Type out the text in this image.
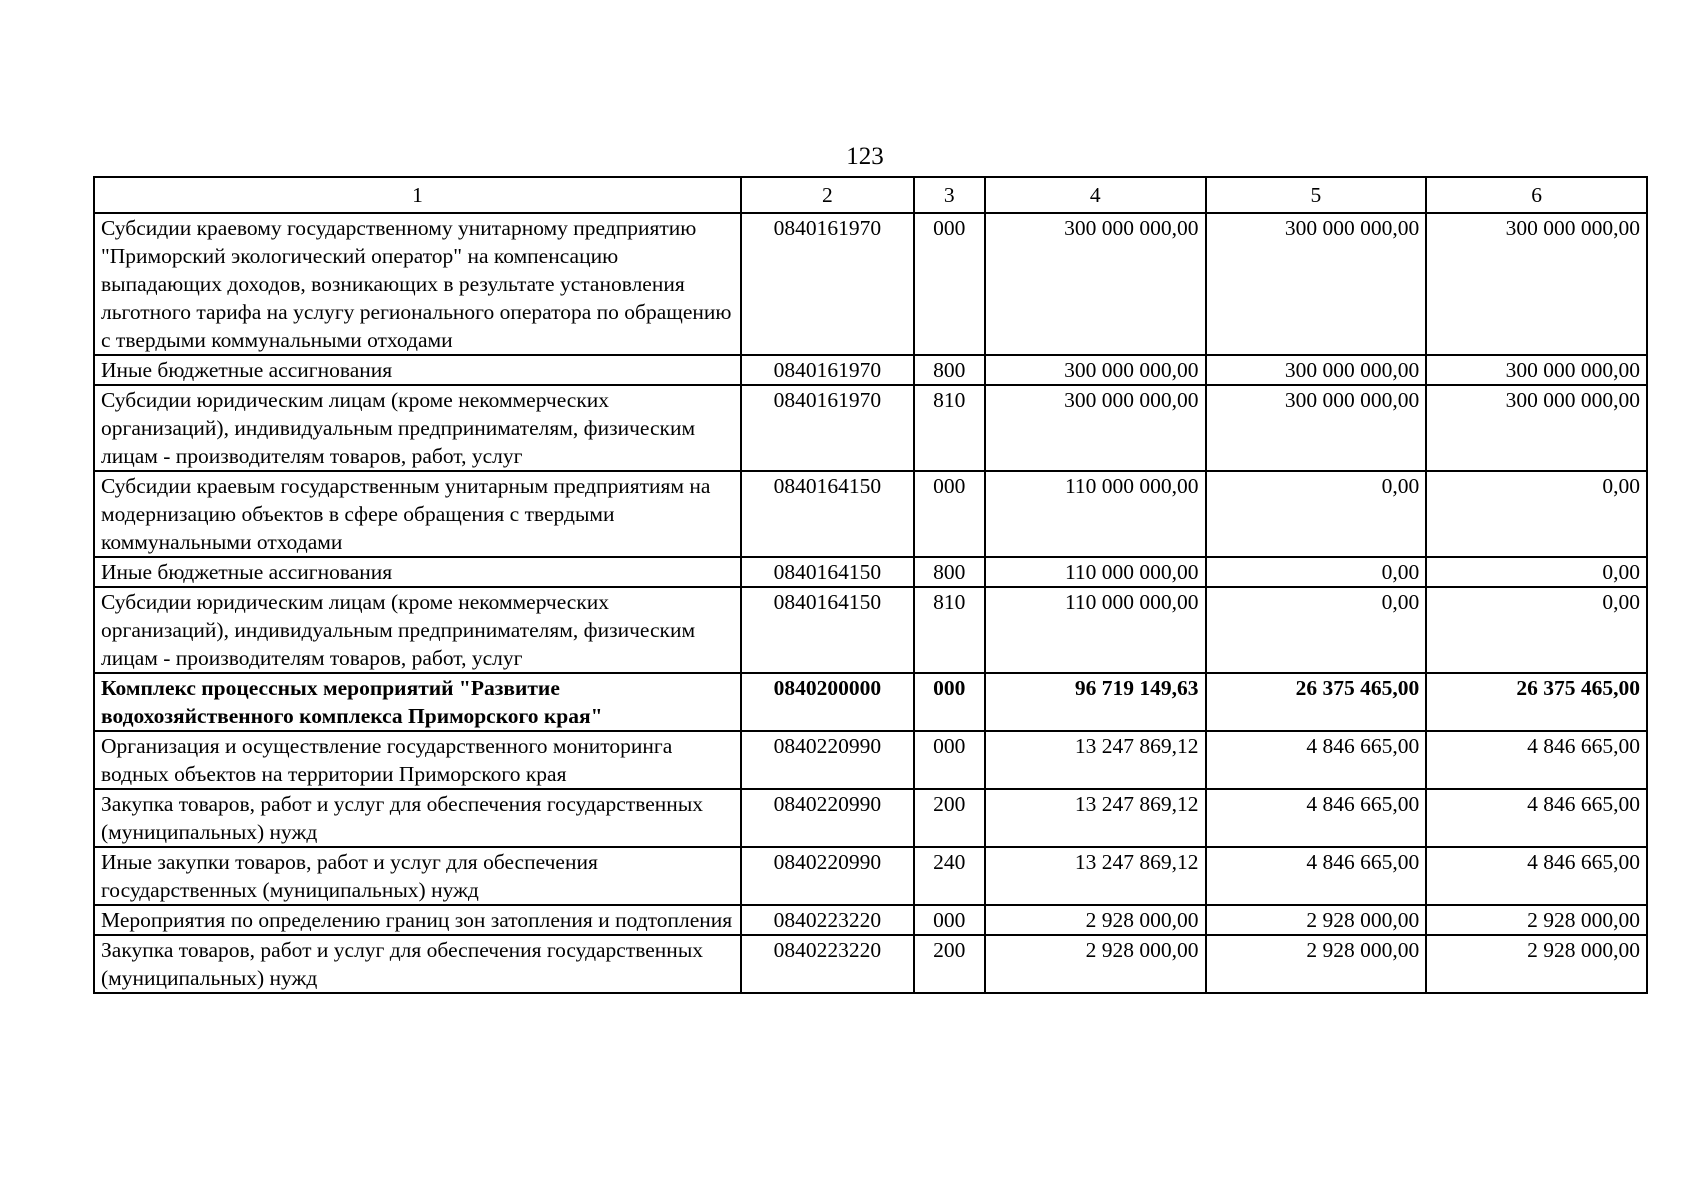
123
1	2	3	4	5	6
Субсидии краевому государственному унитарному предприятию "Приморский экологический оператор" на компенсацию выпадающих доходов, возникающих в результате установления льготного тарифа на услугу регионального оператора по обращению с твердыми коммунальными отходами	0840161970	000	300 000 000,00	300 000 000,00	300 000 000,00
Иные бюджетные ассигнования	0840161970	800	300 000 000,00	300 000 000,00	300 000 000,00
Субсидии юридическим лицам (кроме некоммерческих организаций), индивидуальным предпринимателям, физическим лицам - производителям товаров, работ, услуг	0840161970	810	300 000 000,00	300 000 000,00	300 000 000,00
Субсидии краевым государственным унитарным предприятиям на модернизацию объектов в сфере обращения с твердыми коммунальными отходами	0840164150	000	110 000 000,00	0,00	0,00
Иные бюджетные ассигнования	0840164150	800	110 000 000,00	0,00	0,00
Субсидии юридическим лицам (кроме некоммерческих организаций), индивидуальным предпринимателям, физическим лицам - производителям товаров, работ, услуг	0840164150	810	110 000 000,00	0,00	0,00
Комплекс процессных мероприятий "Развитие водохозяйственного комплекса Приморского края"	0840200000	000	96 719 149,63	26 375 465,00	26 375 465,00
Организация и осуществление государственного мониторинга водных объектов на территории Приморского края	0840220990	000	13 247 869,12	4 846 665,00	4 846 665,00
Закупка товаров, работ и услуг для обеспечения государственных (муниципальных) нужд	0840220990	200	13 247 869,12	4 846 665,00	4 846 665,00
Иные закупки товаров, работ и услуг для обеспечения государственных (муниципальных) нужд	0840220990	240	13 247 869,12	4 846 665,00	4 846 665,00
Мероприятия по определению границ зон затопления и подтопления	0840223220	000	2 928 000,00	2 928 000,00	2 928 000,00
Закупка товаров, работ и услуг для обеспечения государственных (муниципальных) нужд	0840223220	200	2 928 000,00	2 928 000,00	2 928 000,00
